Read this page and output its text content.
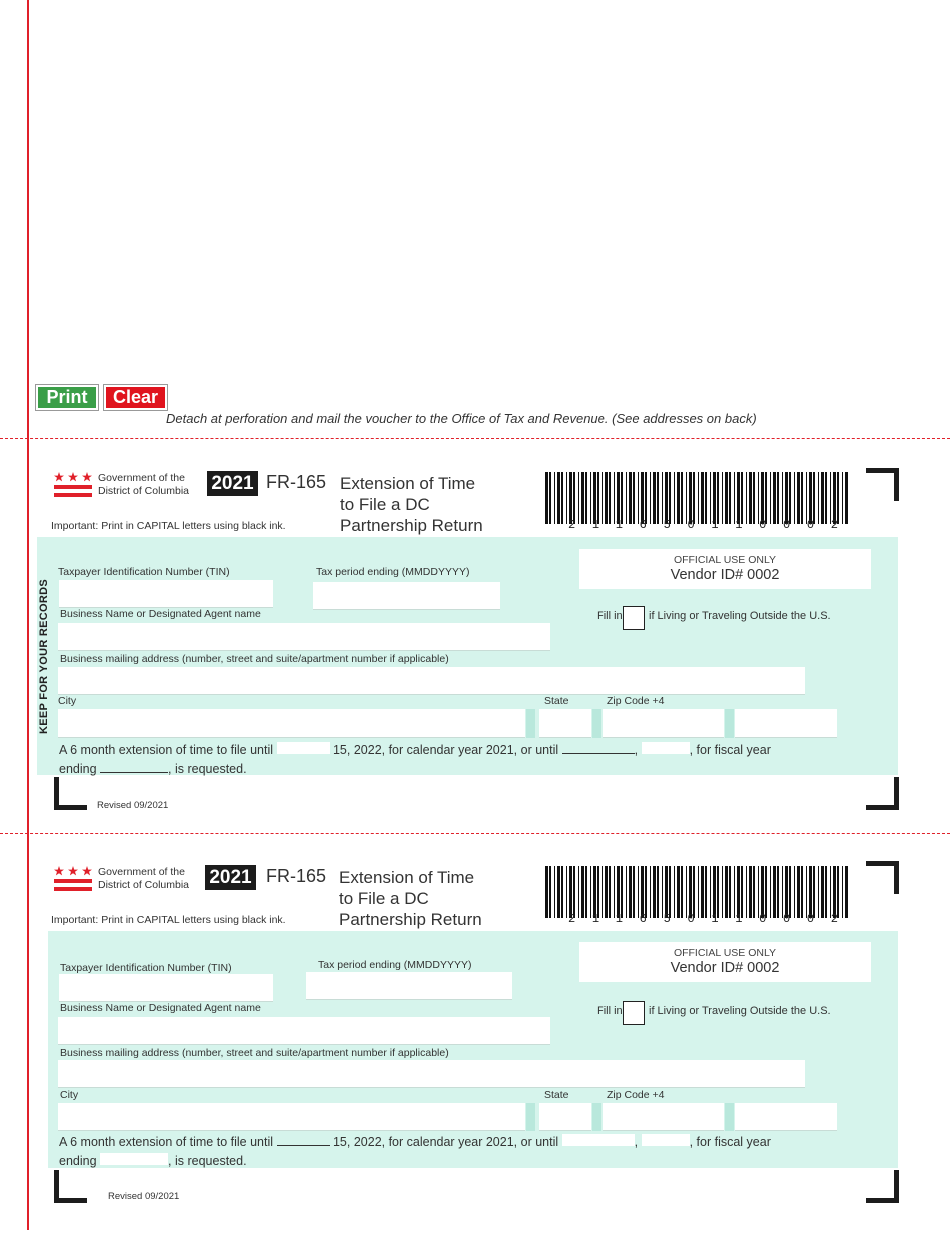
Print	Clear
Detach at perforation and mail the voucher to the Office of Tax and Revenue. (See addresses on back)
Government of the
District of Columbia 2021 FR-165 Extension of Time
to File a DC
Partnership Return
Important: Print in CAPITAL letters using black ink.	2 1 1 6 5 0 1 1 0 0 0 2
KEEP FOR YOUR RECORDS
OFFICIAL USE ONLY
Vendor ID# 0002
Taxpayer Identification Number (TIN)	Tax period ending (MMDDYYYY)
Fill in if Living or Traveling Outside the U.S.
Business Name or Designated Agent name
Business mailing address (number, street and suite/apartment number if applicable)
City	State	Zip Code +4
A 6 month extension of time to file until	15, 2022, for calendar year 2021, or until	,	, for fiscal year
ending	, is requested.
Revised 09/2021
Government of the
District of Columbia 2021 FR-165 Extension of Time
to File a DC
Partnership Return
Important: Print in CAPITAL letters using black ink.	2 1 1 6 5 0 1 1 0 0 0 2
OFFICIAL USE ONLY
Vendor ID# 0002
Taxpayer Identification Number (TIN)	Tax period ending (MMDDYYYY)
Fill in if Living or Traveling Outside the U.S.
Business Name or Designated Agent name
Business mailing address (number, street and suite/apartment number if applicable)
City	State	Zip Code +4
A 6 month extension of time to file until	15, 2022, for calendar year 2021, or until	,	, for fiscal year
ending	, is requested.
Revised 09/2021
